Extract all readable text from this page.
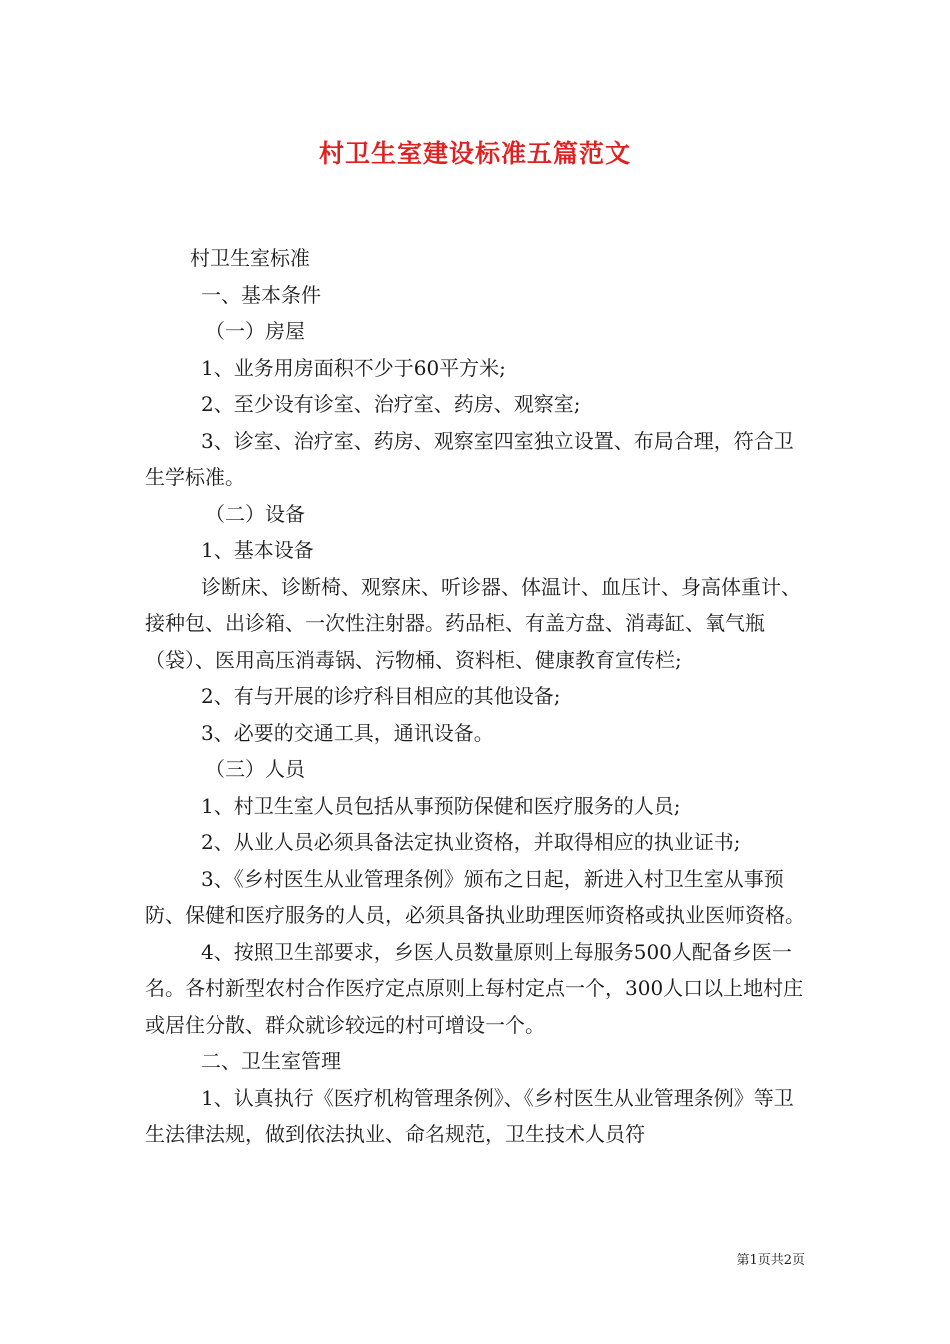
村卫生室建设标准五篇范文

村卫生室标准

一、基本条件

（一）房屋

1、业务用房面积不少于60平方米;

2、至少设有诊室、治疗室、药房、观察室;

3、诊室、治疗室、药房、观察室四室独立设置、布局合理，符合卫生学标准。

（二）设备

1、基本设备

诊断床、诊断椅、观察床、听诊器、体温计、血压计、身高体重计、接种包、出诊箱、一次性注射器。药品柜、有盖方盘、消毒缸、氧气瓶（袋）、医用高压消毒锅、污物桶、资料柜、健康教育宣传栏;

2、有与开展的诊疗科目相应的其他设备;

3、必要的交通工具，通讯设备。

（三）人员

1、村卫生室人员包括从事预防保健和医疗服务的人员;

2、从业人员必须具备法定执业资格，并取得相应的执业证书;

3、《乡村医生从业管理条例》颁布之日起，新进入村卫生室从事预防、保健和医疗服务的人员，必须具备执业助理医师资格或执业医师资格。

4、按照卫生部要求，乡医人员数量原则上每服务500人配备乡医一名。各村新型农村合作医疗定点原则上每村定点一个，300人口以上地村庄或居住分散、群众就诊较远的村可增设一个。

二、卫生室管理

1、认真执行《医疗机构管理条例》、《乡村医生从业管理条例》等卫生法律法规，做到依法执业、命名规范，卫生技术人员符

第1页共2页
